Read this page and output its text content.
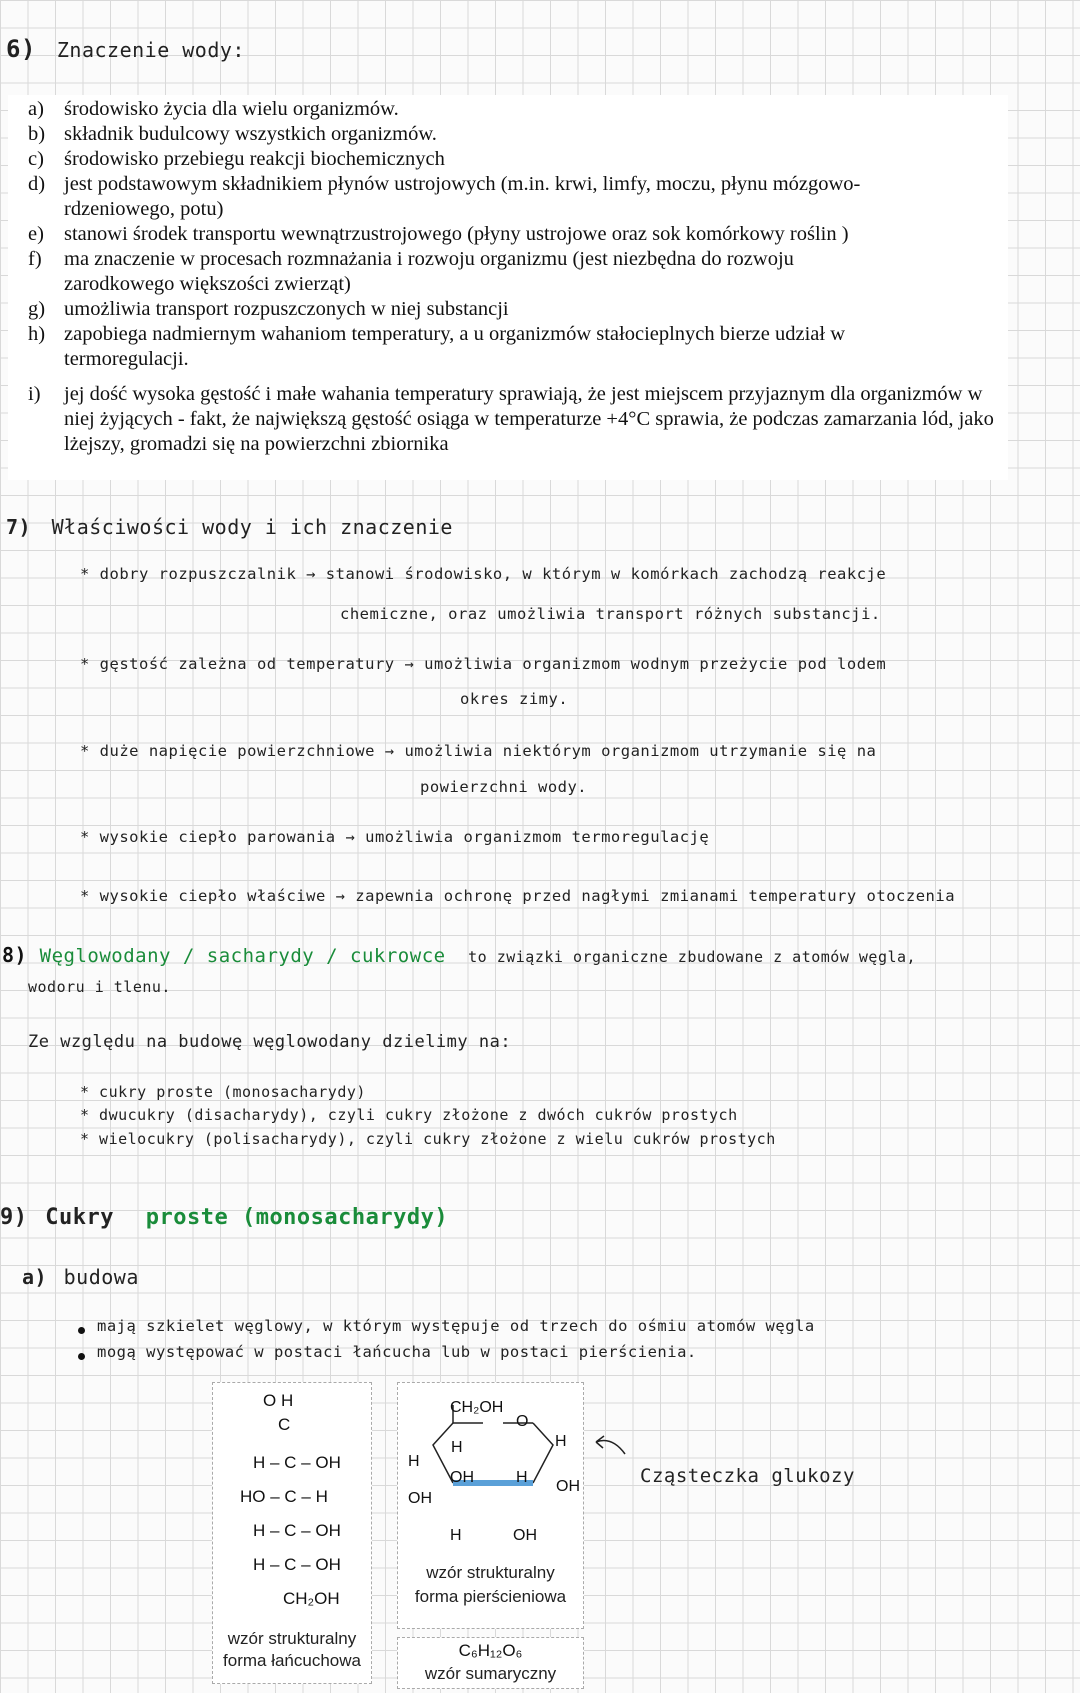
6) Znaczenie wody:
a) środowisko życia dla wielu organizmów.
b) składnik budulcowy wszystkich organizmów.
c) środowisko przebiegu reakcji biochemicznych
d) jest podstawowym składnikiem płynów ustrojowych (m.in. krwi, limfy, moczu, płynu mózgowo-rdzeniowego, potu)
e) stanowi środek transportu wewnątrzustrojowego (płyny ustrojowe oraz sok komórkowy roślin )
f) ma znaczenie w procesach rozmnażania i rozwoju organizmu (jest niezbędna do rozwoju zarodkowego większości zwierząt)
g) umożliwia transport rozpuszczonych w niej substancji
h) zapobiega nadmiernym wahaniom temperatury, a u organizmów stałocieplnych bierze udział w termoregulacji.
i) jej dość wysoka gęstość i małe wahania temperatury sprawiają, że jest miejscem przyjaznym dla organizmów w niej żyjących - fakt, że największą gęstość osiąga w temperaturze +4°C sprawia, że podczas zamarzania lód, jako lżejszy, gromadzi się na powierzchni zbiornika
7) Właściwości wody i ich znaczenie
* dobry rozpuszczalnik → stanowi środowisko, w którym w komórkach zachodzą reakcje
chemiczne, oraz umożliwia transport różnych substancji.
* gęstość zależna od temperatury → umożliwia organizmom wodnym przeżycie pod lodem
okres zimy.
* duże napięcie powierzchniowe → umożliwia niektórym organizmom utrzymanie się na
powierzchni wody.
* wysokie ciepło parowania → umożliwia organizmom termoregulację
* wysokie ciepło właściwe → zapewnia ochronę przed nagłymi zmianami temperatury otoczenia
8) Węglowodany / sacharydy / cukrowce to związki organiczne zbudowane z atomów węgla,
wodoru i tlenu.
Ze względu na budowę węglowodany dzielimy na:
* cukry proste (monosacharydy)
* dwucukry (disacharydy), czyli cukry złożone z dwóch cukrów prostych
* wielocukry (polisacharydy), czyli cukry złożone z wielu cukrów prostych
9) Cukry proste (monosacharydy)
a) budowa
mają szkielet węglowy, w którym występuje od trzech do ośmiu atomów węgla
mogą występować w postaci łańcucha lub w postaci pierścienia.
O H
C
H – C – OH
HO – C – H
H – C – OH
H – C – OH
CH₂OH
wzór strukturalny
forma łańcuchowa
CH₂OH
O
H	H
H
OH
OH
H
OH
H	OH
wzór strukturalny
forma pierścieniowa
C₆H₁₂O₆
wzór sumaryczny
Cząsteczka glukozy
